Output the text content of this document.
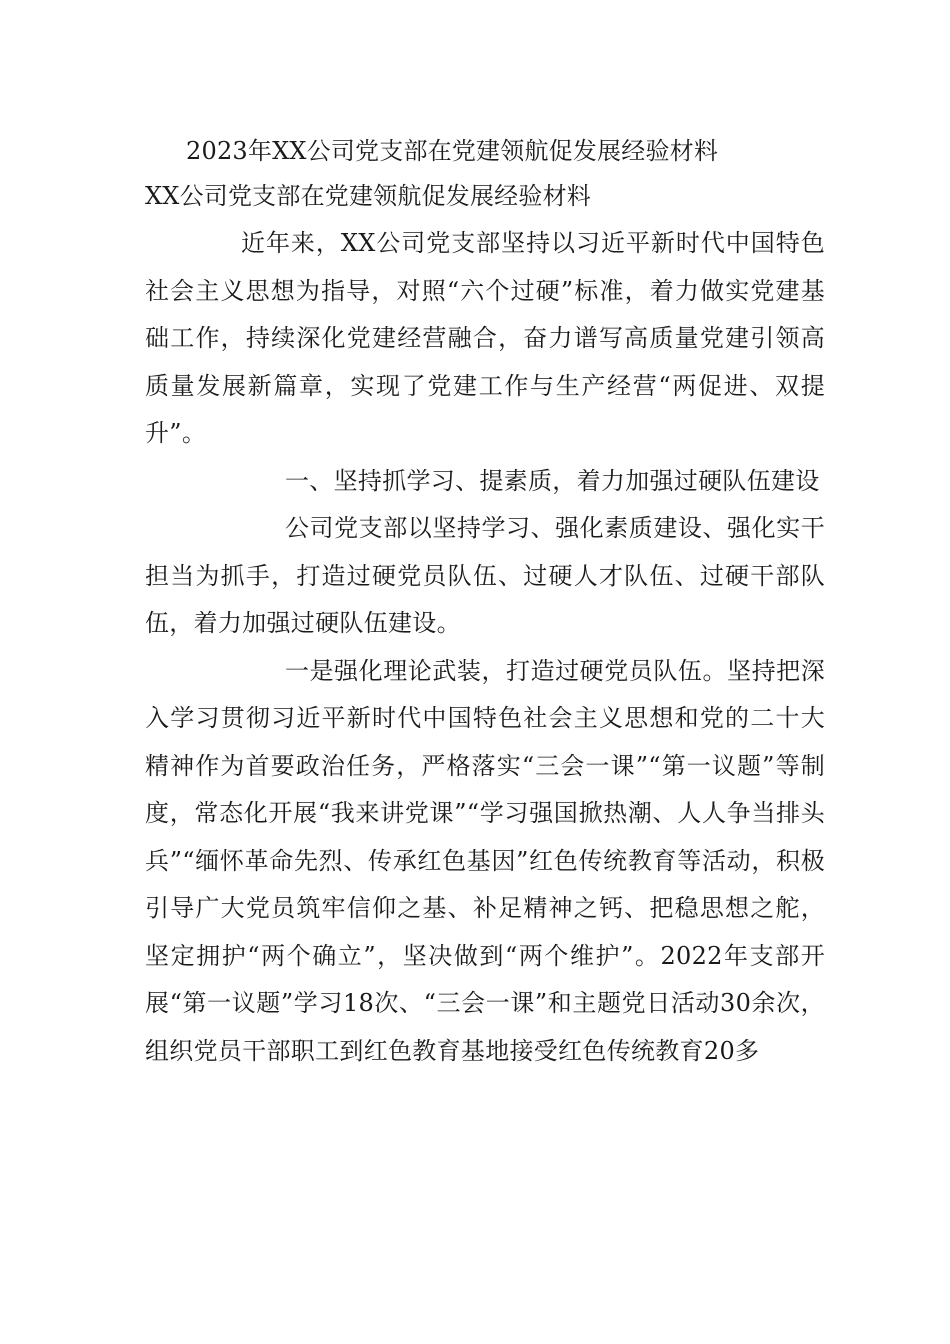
2023年XX公司党支部在党建领航促发展经验材料
XX公司党支部在党建领航促发展经验材料

近年来，XX公司党支部坚持以习近平新时代中国特色社会主义思想为指导，对照“六个过硬”标准，着力做实党建基础工作，持续深化党建经营融合，奋力谱写高质量党建引领高质量发展新篇章，实现了党建工作与生产经营“两促进、双提升”。

一、坚持抓学习、提素质，着力加强过硬队伍建设

公司党支部以坚持学习、强化素质建设、强化实干担当为抓手，打造过硬党员队伍、过硬人才队伍、过硬干部队伍，着力加强过硬队伍建设。

一是强化理论武装，打造过硬党员队伍。坚持把深入学习贯彻习近平新时代中国特色社会主义思想和党的二十大精神作为首要政治任务，严格落实“三会一课”“第一议题”等制度，常态化开展“我来讲党课”“学习强国掀热潮、人人争当排头兵”“缅怀革命先烈、传承红色基因”红色传统教育等活动，积极引导广大党员筑牢信仰之基、补足精神之钙、把稳思想之舵，坚定拥护“两个确立”，坚决做到“两个维护”。2022年支部开展“第一议题”学习18次、“三会一课”和主题党日活动30余次，组织党员干部职工到红色教育基地接受红色传统教育20多
